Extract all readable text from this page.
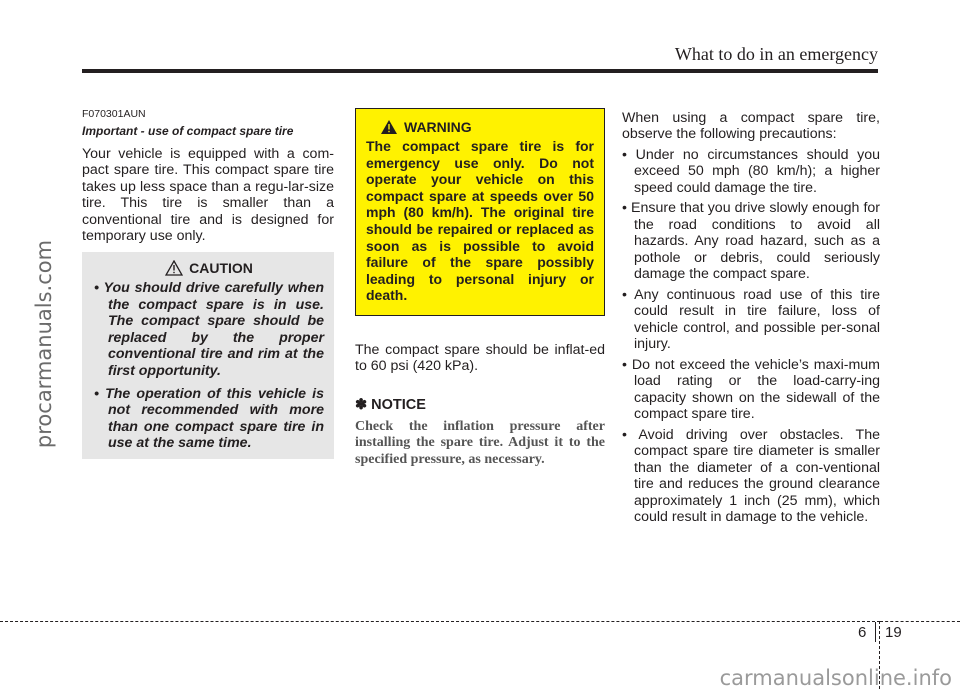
What to do in an emergency
procarmanuals.com
F070301AUN
Important - use of compact spare tire
Your vehicle is equipped with a com-pact spare tire. This compact spare tire takes up less space than a regu-lar-size tire. This tire is smaller than a conventional tire and is designed for temporary use only.
CAUTION
• You should drive carefully when the compact spare is in use. The compact spare should be replaced by the proper conventional tire and rim at the first opportunity.
• The operation of this vehicle is not recommended with more than one compact spare tire in use at the same time.
WARNING
The compact spare tire is for emergency use only. Do not operate your vehicle on this compact spare at speeds over 50 mph (80 km/h). The original tire should be repaired or replaced as soon as is possible to avoid failure of the spare possibly leading to personal injury or death.
The compact spare should be inflat-ed to 60 psi (420 kPa).
✽ NOTICE
Check the inflation pressure after installing the spare tire. Adjust it to the specified pressure, as necessary.
When using a compact spare tire, observe the following precautions:
• Under no circumstances should you exceed 50 mph (80 km/h); a higher speed could damage the tire.
• Ensure that you drive slowly enough for the road conditions to avoid all hazards. Any road hazard, such as a pothole or debris, could seriously damage the compact spare.
• Any continuous road use of this tire could result in tire failure, loss of vehicle control, and possible per-sonal injury.
• Do not exceed the vehicle’s maxi-mum load rating or the load-carry-ing capacity shown on the sidewall of the compact spare tire.
• Avoid driving over obstacles. The compact spare tire diameter is smaller than the diameter of a con-ventional tire and reduces the ground clearance approximately 1 inch (25 mm), which could result in damage to the vehicle.
6 19
carmanualsonline.info
